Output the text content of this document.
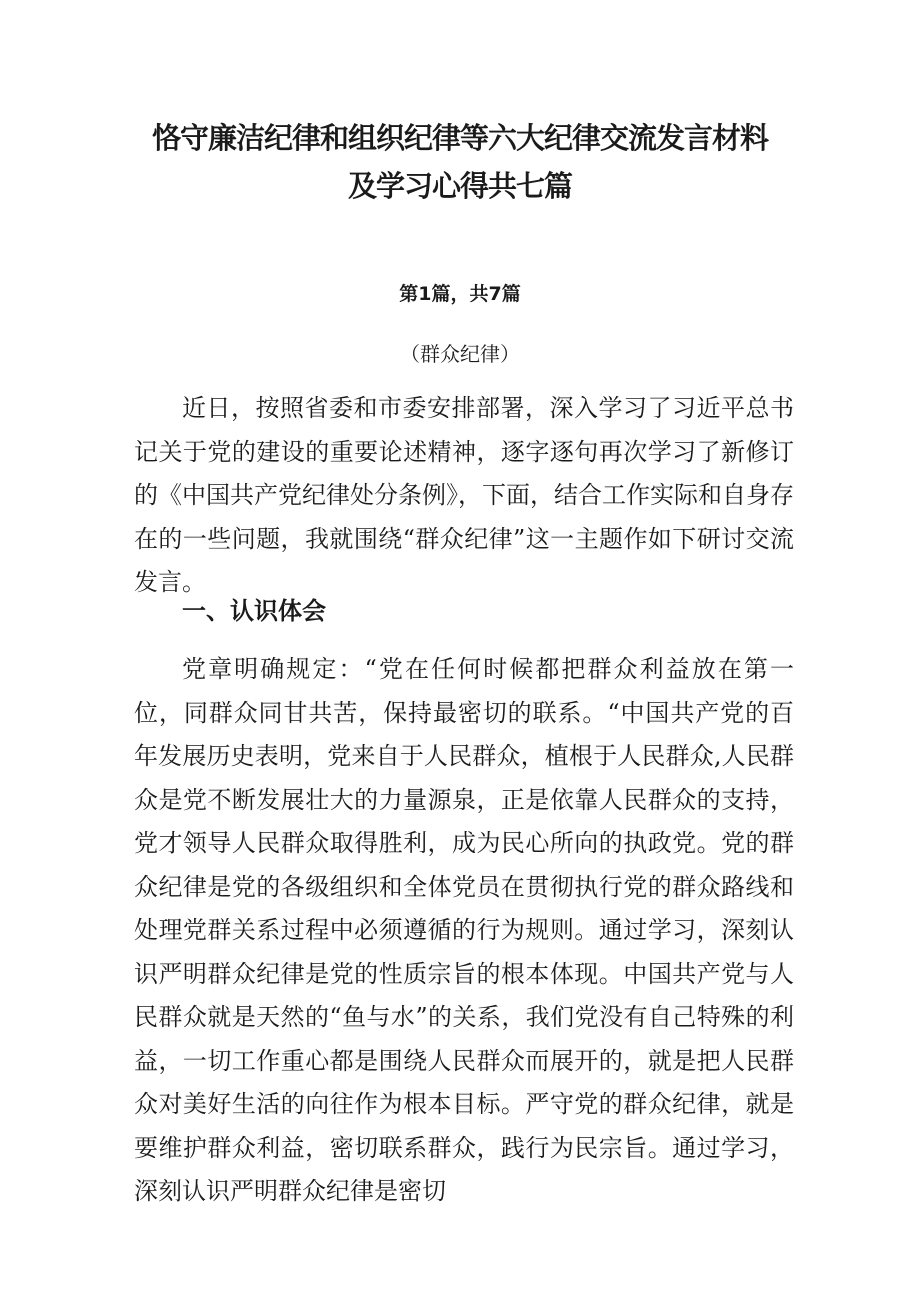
恪守廉洁纪律和组织纪律等六大纪律交流发言材料
及学习心得共七篇
第1篇，共7篇
（群众纪律）

近日，按照省委和市委安排部署，深入学习了习近平总书记关于党的建设的重要论述精神，逐字逐句再次学习了新修订的《中国共产党纪律处分条例》，下面，结合工作实际和自身存在的一些问题，我就围绕“群众纪律”这一主题作如下研讨交流发言。

一、认识体会

党章明确规定：“党在任何时候都把群众利益放在第一位，同群众同甘共苦，保持最密切的联系。“中国共产党的百年发展历史表明，党来自于人民群众，植根于人民群众,人民群众是党不断发展壮大的力量源泉，正是依靠人民群众的支持，党才领导人民群众取得胜利，成为民心所向的执政党。党的群众纪律是党的各级组织和全体党员在贯彻执行党的群众路线和处理党群关系过程中必须遵循的行为规则。通过学习，深刻认识严明群众纪律是党的性质宗旨的根本体现。中国共产党与人民群众就是天然的“鱼与水”的关系，我们党没有自己特殊的利益，一切工作重心都是围绕人民群众而展开的，就是把人民群众对美好生活的向往作为根本目标。严守党的群众纪律，就是要维护群众利益，密切联系群众，践行为民宗旨。通过学习，深刻认识严明群众纪律是密切
